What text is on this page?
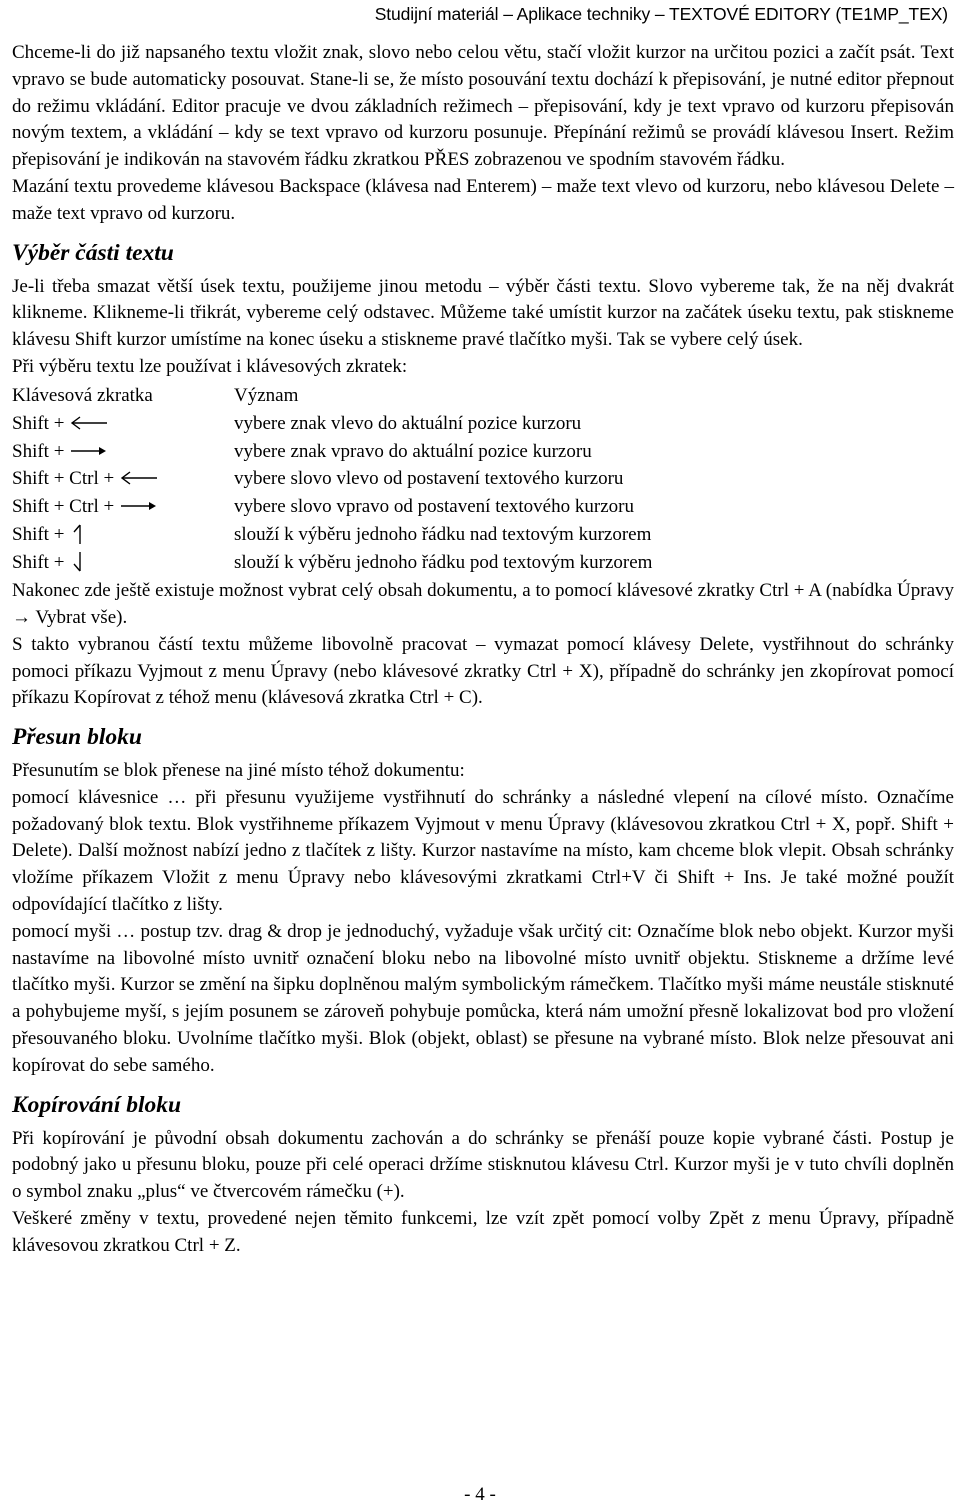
Studijní materiál – Aplikace techniky – TEXTOVÉ EDITORY (TE1MP_TEX)

Chceme-li do již napsaného textu vložit znak, slovo nebo celou větu, stačí vložit kurzor na určitou pozici a začít psát. Text vpravo se bude automaticky posouvat. Stane-li se, že místo posouvání textu dochází k přepisování, je nutné editor přepnout do režimu vkládání. Editor pracuje ve dvou základních režimech – přepisování, kdy je text vpravo od kurzoru přepisován novým textem, a vkládání – kdy se text vpravo od kurzoru posunuje. Přepínání režimů se provádí klávesou Insert. Režim přepisování je indikován na stavovém řádku zkratkou PŘES zobrazenou ve spodním stavovém řádku.

Mazání textu provedeme klávesou Backspace (klávesa nad Enterem) – maže text vlevo od kurzoru, nebo klávesou Delete – maže text vpravo od kurzoru.

Výběr části textu

Je-li třeba smazat větší úsek textu, použijeme jinou metodu – výběr části textu. Slovo vybereme tak, že na něj dvakrát klikneme. Klikneme-li třikrát, vybereme celý odstavec. Můžeme také umístit kurzor na začátek úseku textu, pak stiskneme klávesu Shift kurzor umístíme na konec úseku a stiskneme pravé tlačítko myši. Tak se vybere celý úsek.

Při výběru textu lze používat i klávesových zkratek:

Klávesová zkratka	Význam
Shift +	vybere znak vlevo do aktuální pozice kurzoru
Shift +	vybere znak vpravo do aktuální pozice kurzoru
Shift + Ctrl +	vybere slovo vlevo od postavení textového kurzoru
Shift + Ctrl +	vybere slovo vpravo od postavení textového kurzoru
Shift +	slouží k výběru jednoho řádku nad textovým kurzorem
Shift +	slouží k výběru jednoho řádku pod textovým kurzorem

Nakonec zde ještě existuje možnost vybrat celý obsah dokumentu, a to pomocí klávesové zkratky Ctrl + A (nabídka Úpravy → Vybrat vše).

S takto vybranou částí textu můžeme libovolně pracovat – vymazat pomocí klávesy Delete, vystřihnout do schránky pomoci příkazu Vyjmout z menu Úpravy (nebo klávesové zkratky Ctrl + X), případně do schránky jen zkopírovat pomocí příkazu Kopírovat z téhož menu (klávesová zkratka Ctrl + C).

Přesun bloku

Přesunutím se blok přenese na jiné místo téhož dokumentu:

pomocí klávesnice … při přesunu využijeme vystřihnutí do schránky a následné vlepení na cílové místo. Označíme požadovaný blok textu. Blok vystřihneme příkazem Vyjmout v menu Úpravy (klávesovou zkratkou Ctrl + X, popř. Shift + Delete). Další možnost nabízí jedno z tlačítek z lišty. Kurzor nastavíme na místo, kam chceme blok vlepit. Obsah schránky vložíme příkazem Vložit z menu Úpravy nebo klávesovými zkratkami Ctrl+V či Shift + Ins. Je také možné použít odpovídající tlačítko z lišty.

pomocí myši … postup tzv. drag & drop je jednoduchý, vyžaduje však určitý cit: Označíme blok nebo objekt. Kurzor myši nastavíme na libovolné místo uvnitř označení bloku nebo na libovolné místo uvnitř objektu. Stiskneme a držíme levé tlačítko myši. Kurzor se změní na šipku doplněnou malým symbolickým rámečkem. Tlačítko myši máme neustále stisknuté a pohybujeme myší, s jejím posunem se zároveň pohybuje pomůcka, která nám umožní přesně lokalizovat bod pro vložení přesouvaného bloku. Uvolníme tlačítko myši. Blok (objekt, oblast) se přesune na vybrané místo. Blok nelze přesouvat ani kopírovat do sebe samého.

Kopírování bloku

Při kopírování je původní obsah dokumentu zachován a do schránky se přenáší pouze kopie vybrané části. Postup je podobný jako u přesunu bloku, pouze při celé operaci držíme stisknutou klávesu Ctrl. Kurzor myši je v tuto chvíli doplněn o symbol znaku „plus“ ve čtvercovém rámečku (+).

Veškeré změny v textu, provedené nejen těmito funkcemi, lze vzít zpět pomocí volby Zpět z menu Úpravy, případně klávesovou zkratkou Ctrl + Z.

- 4 -
